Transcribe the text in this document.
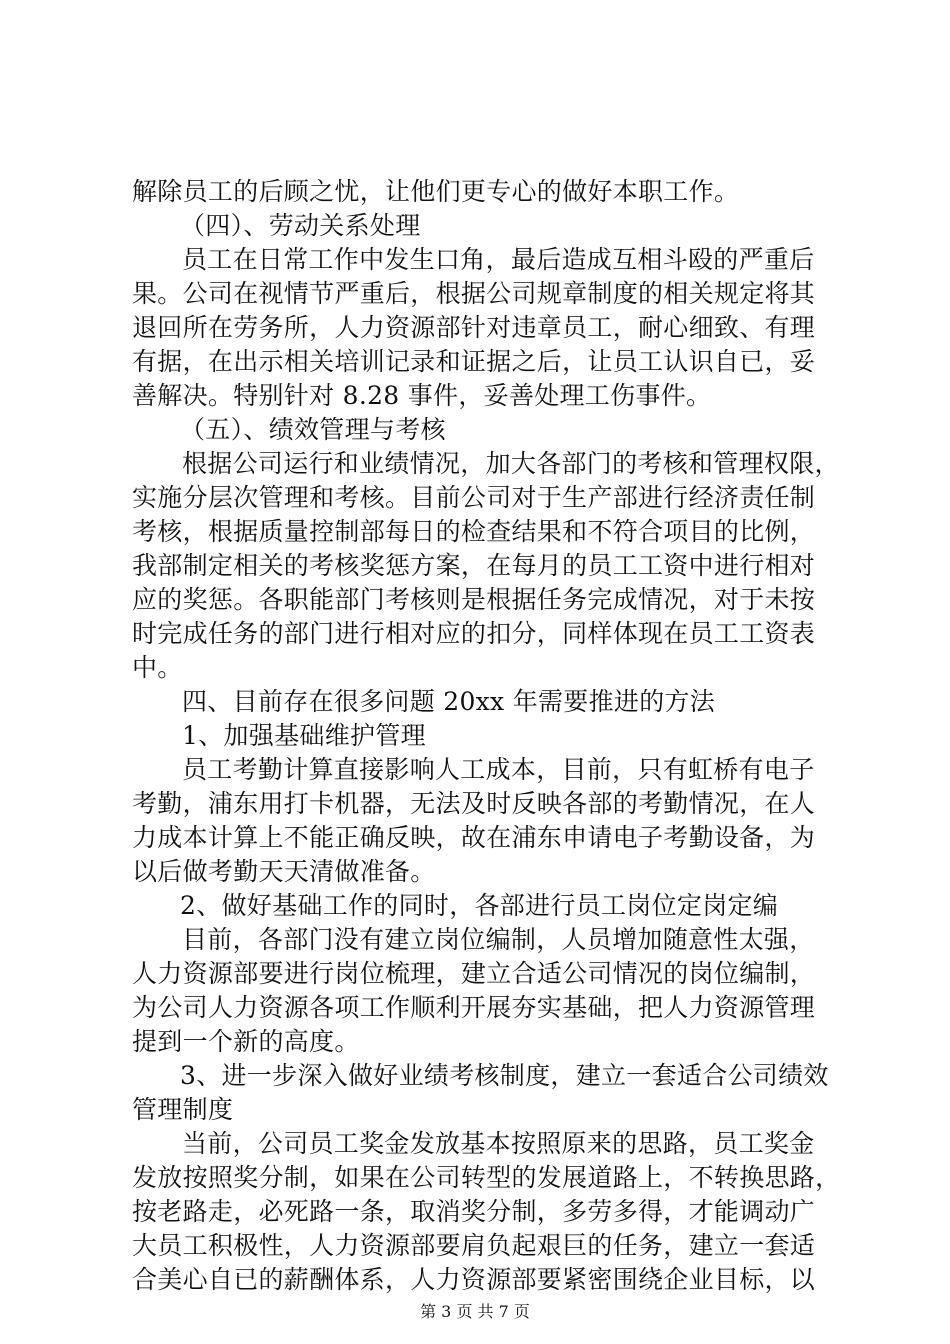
解除员工的后顾之忧，让他们更专心的做好本职工作。
（四）、劳动关系处理
员工在日常工作中发生口角，最后造成互相斗殴的严重后
果。公司在视情节严重后，根据公司规章制度的相关规定将其
退回所在劳务所，人力资源部针对违章员工，耐心细致、有理
有据，在出示相关培训记录和证据之后，让员工认识自已，妥
善解决。特别针对 8.28 事件，妥善处理工伤事件。
（五）、绩效管理与考核
根据公司运行和业绩情况，加大各部门的考核和管理权限，
实施分层次管理和考核。目前公司对于生产部进行经济责任制
考核，根据质量控制部每日的检查结果和不符合项目的比例，
我部制定相关的考核奖惩方案，在每月的员工工资中进行相对
应的奖惩。各职能部门考核则是根据任务完成情况，对于未按
时完成任务的部门进行相对应的扣分，同样体现在员工工资表
中。
四、目前存在很多问题 20xx 年需要推进的方法
1、加强基础维护管理
员工考勤计算直接影响人工成本，目前，只有虹桥有电子
考勤，浦东用打卡机器，无法及时反映各部的考勤情况，在人
力成本计算上不能正确反映，故在浦东申请电子考勤设备，为
以后做考勤天天清做准备。
2、做好基础工作的同时，各部进行员工岗位定岗定编
目前，各部门没有建立岗位编制，人员增加随意性太强，
人力资源部要进行岗位梳理，建立合适公司情况的岗位编制，
为公司人力资源各项工作顺利开展夯实基础，把人力资源管理
提到一个新的高度。
3、进一步深入做好业绩考核制度，建立一套适合公司绩效
管理制度
当前，公司员工奖金发放基本按照原来的思路，员工奖金
发放按照奖分制，如果在公司转型的发展道路上，不转换思路，
按老路走，必死路一条，取消奖分制，多劳多得，才能调动广
大员工积极性，人力资源部要肩负起艰巨的任务，建立一套适
合美心自已的薪酬体系，人力资源部要紧密围绕企业目标，以
第 3 页 共 7 页
